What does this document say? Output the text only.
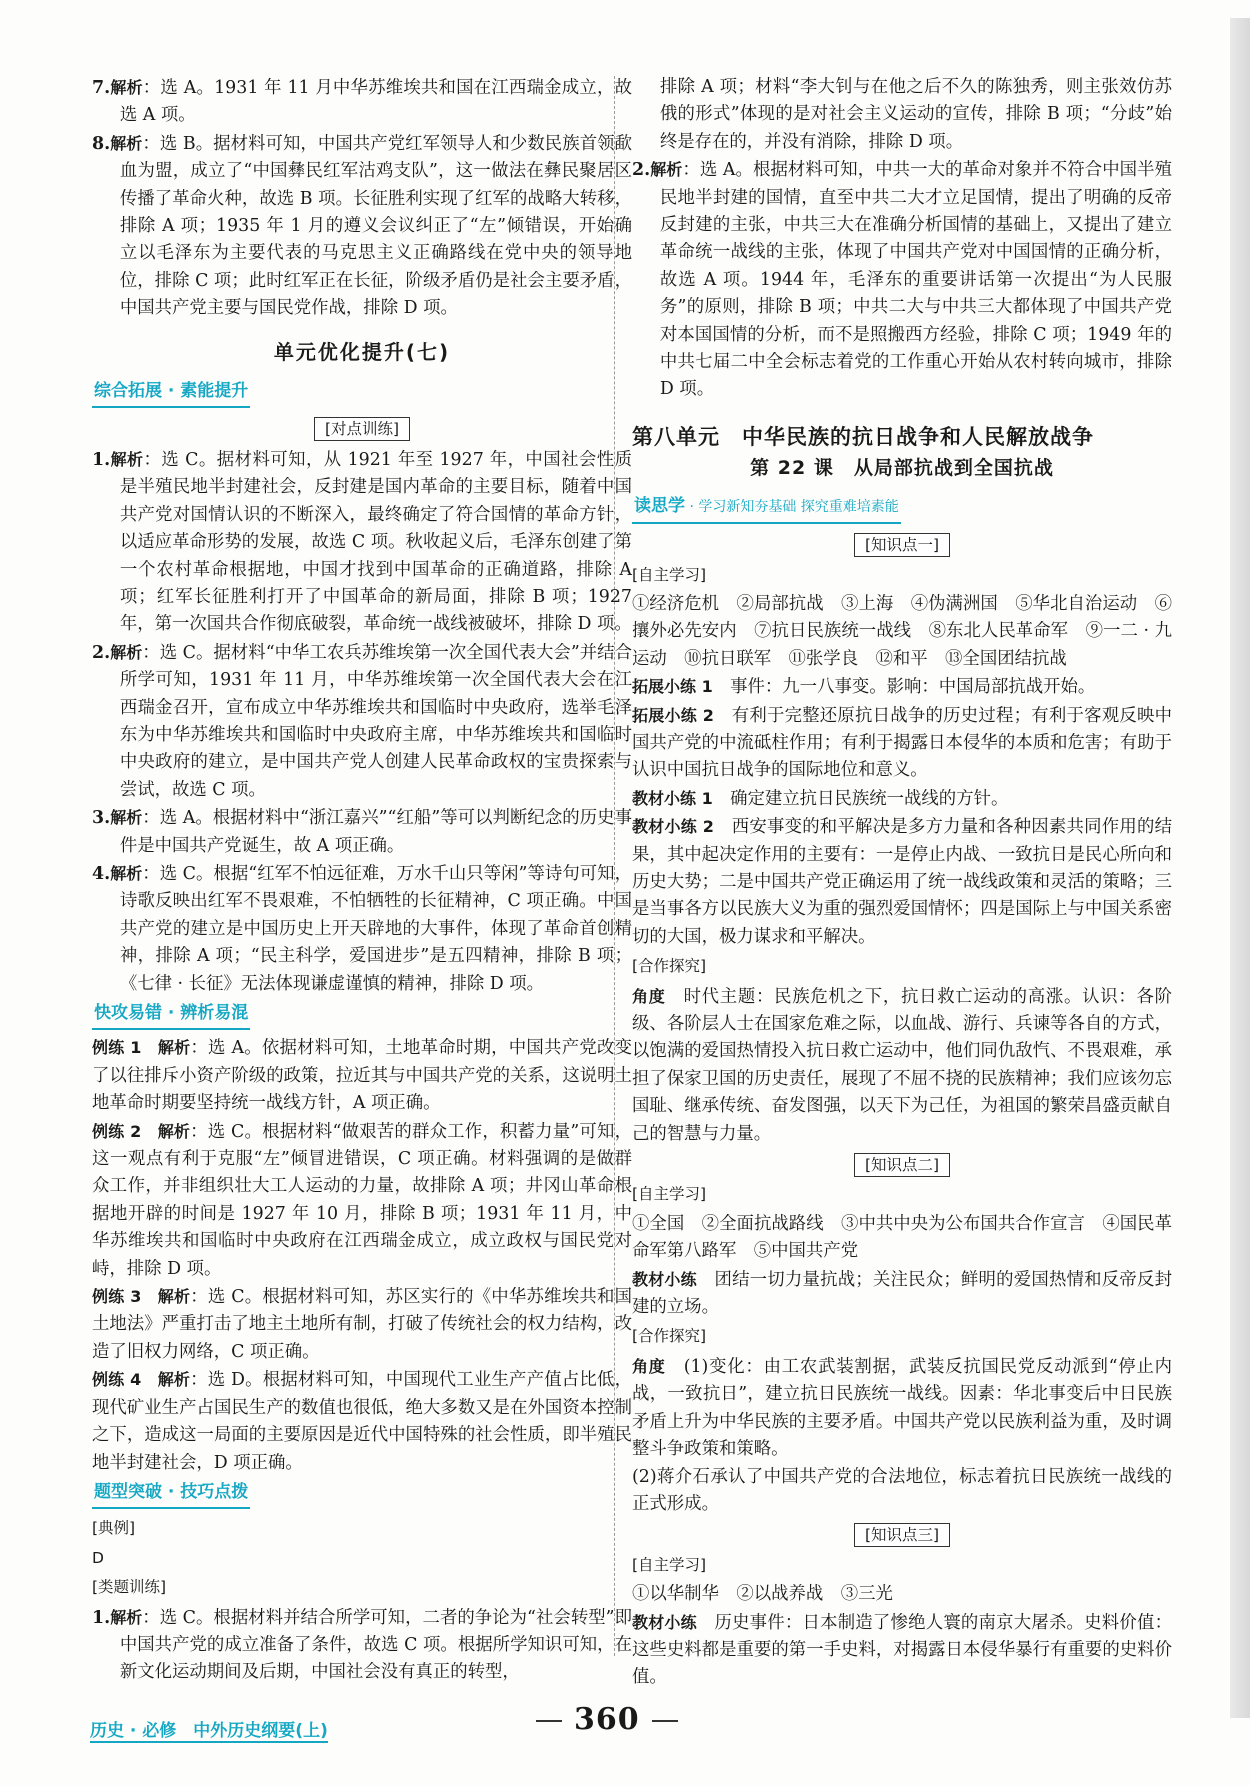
7.解析：选 A。1931 年 11 月中华苏维埃共和国在江西瑞金成立，故选 A 项。

8.解析：选 B。据材料可知，中国共产党红军领导人和少数民族首领歃血为盟，成立了“中国彝民红军沽鸡支队”，这一做法在彝民聚居区传播了革命火种，故选 B 项。长征胜利实现了红军的战略大转移，排除 A 项；1935 年 1 月的遵义会议纠正了“左”倾错误，开始确立以毛泽东为主要代表的马克思主义正确路线在党中央的领导地位，排除 C 项；此时红军正在长征，阶级矛盾仍是社会主要矛盾，中国共产党主要与国民党作战，排除 D 项。

单元优化提升(七)
综合拓展 · 素能提升
[对点训练]

1.解析：选 C。据材料可知，从 1921 年至 1927 年，中国社会性质是半殖民地半封建社会，反封建是国内革命的主要目标，随着中国共产党对国情认识的不断深入，最终确定了符合国情的革命方针，以适应革命形势的发展，故选 C 项。秋收起义后，毛泽东创建了第一个农村革命根据地，中国才找到中国革命的正确道路，排除 A 项；红军长征胜利打开了中国革命的新局面，排除 B 项；1927 年，第一次国共合作彻底破裂，革命统一战线被破坏，排除 D 项。

2.解析：选 C。据材料“中华工农兵苏维埃第一次全国代表大会”并结合所学可知，1931 年 11 月，中华苏维埃第一次全国代表大会在江西瑞金召开，宣布成立中华苏维埃共和国临时中央政府，选举毛泽东为中华苏维埃共和国临时中央政府主席，中华苏维埃共和国临时中央政府的建立，是中国共产党人创建人民革命政权的宝贵探索与尝试，故选 C 项。

3.解析：选 A。根据材料中“浙江嘉兴”“红船”等可以判断纪念的历史事件是中国共产党诞生，故 A 项正确。

4.解析：选 C。根据“红军不怕远征难，万水千山只等闲”等诗句可知，诗歌反映出红军不畏艰难，不怕牺牲的长征精神，C 项正确。中国共产党的建立是中国历史上开天辟地的大事件，体现了革命首创精神，排除 A 项；“民主科学，爱国进步”是五四精神，排除 B 项；《七律 · 长征》无法体现谦虚谨慎的精神，排除 D 项。

快攻易错 · 辨析易混

例练 1　解析：选 A。依据材料可知，土地革命时期，中国共产党改变了以往排斥小资产阶级的政策，拉近其与中国共产党的关系，这说明土地革命时期要坚持统一战线方针，A 项正确。

例练 2　解析：选 C。根据材料“做艰苦的群众工作，积蓄力量”可知，这一观点有利于克服“左”倾冒进错误，C 项正确。材料强调的是做群众工作，并非组织壮大工人运动的力量，故排除 A 项；井冈山革命根据地开辟的时间是 1927 年 10 月，排除 B 项；1931 年 11 月，中华苏维埃共和国临时中央政府在江西瑞金成立，成立政权与国民党对峙，排除 D 项。

例练 3　解析：选 C。根据材料可知，苏区实行的《中华苏维埃共和国土地法》严重打击了地主土地所有制，打破了传统社会的权力结构，改造了旧权力网络，C 项正确。

例练 4　解析：选 D。根据材料可知，中国现代工业生产产值占比低，现代矿业生产占国民生产的数值也很低，绝大多数又是在外国资本控制之下，造成这一局面的主要原因是近代中国特殊的社会性质，即半殖民地半封建社会，D 项正确。

题型突破 · 技巧点拨
[典例]
D
[类题训练]

1.解析：选 C。根据材料并结合所学可知，二者的争论为“社会转型”即中国共产党的成立准备了条件，故选 C 项。根据所学知识可知，在新文化运动期间及后期，中国社会没有真正的转型，

排除 A 项；材料“李大钊与在他之后不久的陈独秀，则主张效仿苏俄的形式”体现的是对社会主义运动的宣传，排除 B 项；“分歧”始终是存在的，并没有消除，排除 D 项。

2.解析：选 A。根据材料可知，中共一大的革命对象并不符合中国半殖民地半封建的国情，直至中共二大才立足国情，提出了明确的反帝反封建的主张，中共三大在准确分析国情的基础上，又提出了建立革命统一战线的主张，体现了中国共产党对中国国情的正确分析，故选 A 项。1944 年，毛泽东的重要讲话第一次提出“为人民服务”的原则，排除 B 项；中共二大与中共三大都体现了中国共产党对本国国情的分析，而不是照搬西方经验，排除 C 项；1949 年的中共七届二中全会标志着党的工作重心开始从农村转向城市，排除 D 项。

第八单元　中华民族的抗日战争和人民解放战争
第 22 课　从局部抗战到全国抗战
读思学 · 学习新知夯基础 探究重难培素能
[知识点一]
[自主学习]

①经济危机　②局部抗战　③上海　④伪满洲国　⑤华北自治运动　⑥攘外必先安内　⑦抗日民族统一战线　⑧东北人民革命军　⑨一二 · 九运动　⑩抗日联军　⑪张学良　⑫和平　⑬全国团结抗战

拓展小练 1　事件：九一八事变。影响：中国局部抗战开始。

拓展小练 2　有利于完整还原抗日战争的历史过程；有利于客观反映中国共产党的中流砥柱作用；有利于揭露日本侵华的本质和危害；有助于认识中国抗日战争的国际地位和意义。

教材小练 1　确定建立抗日民族统一战线的方针。

教材小练 2　西安事变的和平解决是多方力量和各种因素共同作用的结果，其中起决定作用的主要有：一是停止内战、一致抗日是民心所向和历史大势；二是中国共产党正确运用了统一战线政策和灵活的策略；三是当事各方以民族大义为重的强烈爱国情怀；四是国际上与中国关系密切的大国，极力谋求和平解决。

[合作探究]

角度　时代主题：民族危机之下，抗日救亡运动的高涨。认识：各阶级、各阶层人士在国家危难之际，以血战、游行、兵谏等各自的方式，以饱满的爱国热情投入抗日救亡运动中，他们同仇敌忾、不畏艰难，承担了保家卫国的历史责任，展现了不屈不挠的民族精神；我们应该勿忘国耻、继承传统、奋发图强，以天下为己任，为祖国的繁荣昌盛贡献自己的智慧与力量。

[知识点二]
[自主学习]

①全国　②全面抗战路线　③中共中央为公布国共合作宣言　④国民革命军第八路军　⑤中国共产党

教材小练　团结一切力量抗战；关注民众；鲜明的爱国热情和反帝反封建的立场。

[合作探究]

角度　(1)变化：由工农武装割据，武装反抗国民党反动派到“停止内战，一致抗日”，建立抗日民族统一战线。因素：华北事变后中日民族矛盾上升为中华民族的主要矛盾。中国共产党以民族利益为重，及时调整斗争政策和策略。

(2)蒋介石承认了中国共产党的合法地位，标志着抗日民族统一战线的正式形成。

[知识点三]
[自主学习]

①以华制华　②以战养战　③三光

教材小练　历史事件：日本制造了惨绝人寰的南京大屠杀。史料价值：这些史料都是重要的第一手史料，对揭露日本侵华暴行有重要的史料价值。

历史 · 必修　中外历史纲要(上)	360
